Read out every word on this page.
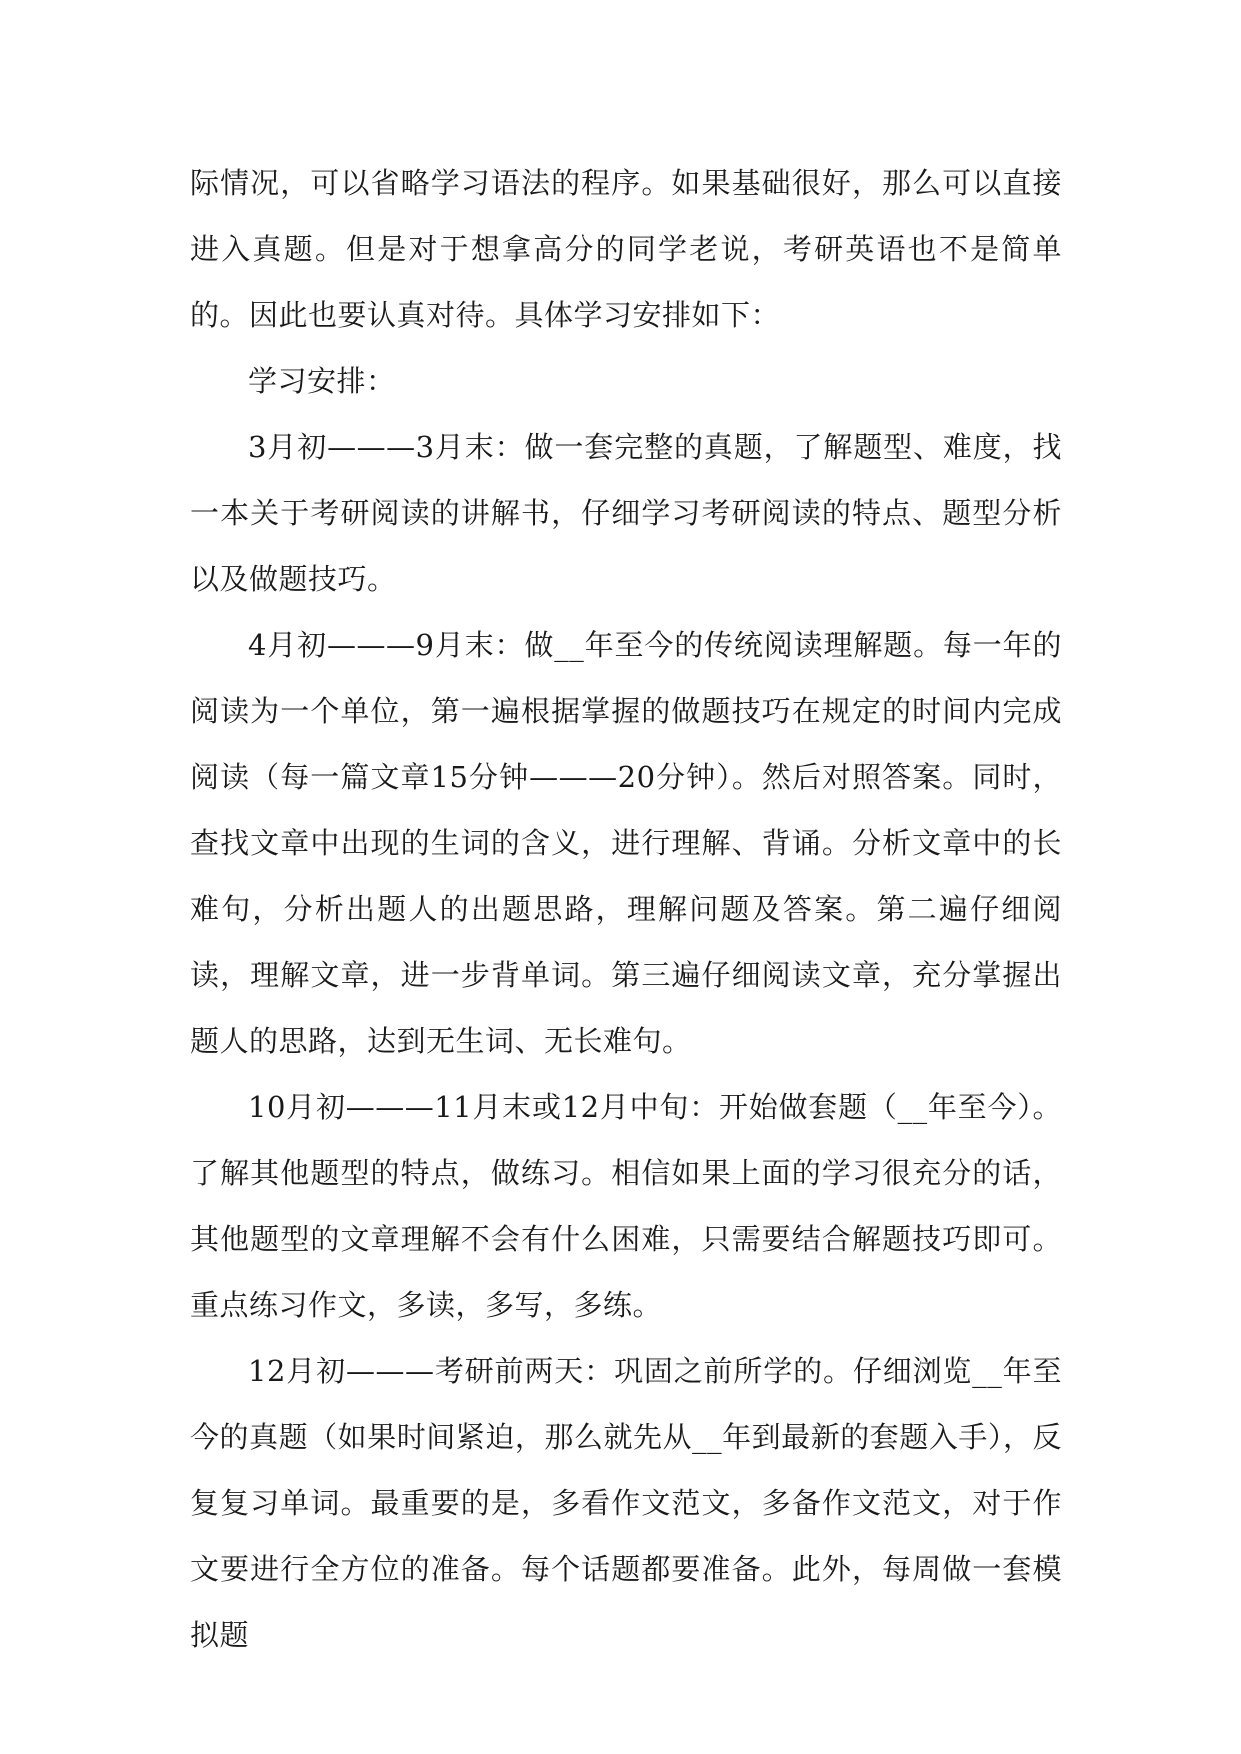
际情况，可以省略学习语法的程序。如果基础很好，那么可以直接进入真题。但是对于想拿高分的同学老说，考研英语也不是简单的。因此也要认真对待。具体学习安排如下：

学习安排：

3月初———3月末：做一套完整的真题，了解题型、难度，找一本关于考研阅读的讲解书，仔细学习考研阅读的特点、题型分析以及做题技巧。

4月初———9月末：做__年至今的传统阅读理解题。每一年的阅读为一个单位，第一遍根据掌握的做题技巧在规定的时间内完成阅读（每一篇文章15分钟———20分钟）。然后对照答案。同时，查找文章中出现的生词的含义，进行理解、背诵。分析文章中的长难句，分析出题人的出题思路，理解问题及答案。第二遍仔细阅读，理解文章，进一步背单词。第三遍仔细阅读文章，充分掌握出题人的思路，达到无生词、无长难句。

10月初———11月末或12月中旬：开始做套题（__年至今）。了解其他题型的特点，做练习。相信如果上面的学习很充分的话，其他题型的文章理解不会有什么困难，只需要结合解题技巧即可。重点练习作文，多读，多写，多练。

12月初———考研前两天：巩固之前所学的。仔细浏览__年至今的真题（如果时间紧迫，那么就先从__年到最新的套题入手），反复复习单词。最重要的是，多看作文范文，多备作文范文，对于作文要进行全方位的准备。每个话题都要准备。此外，每周做一套模拟题
